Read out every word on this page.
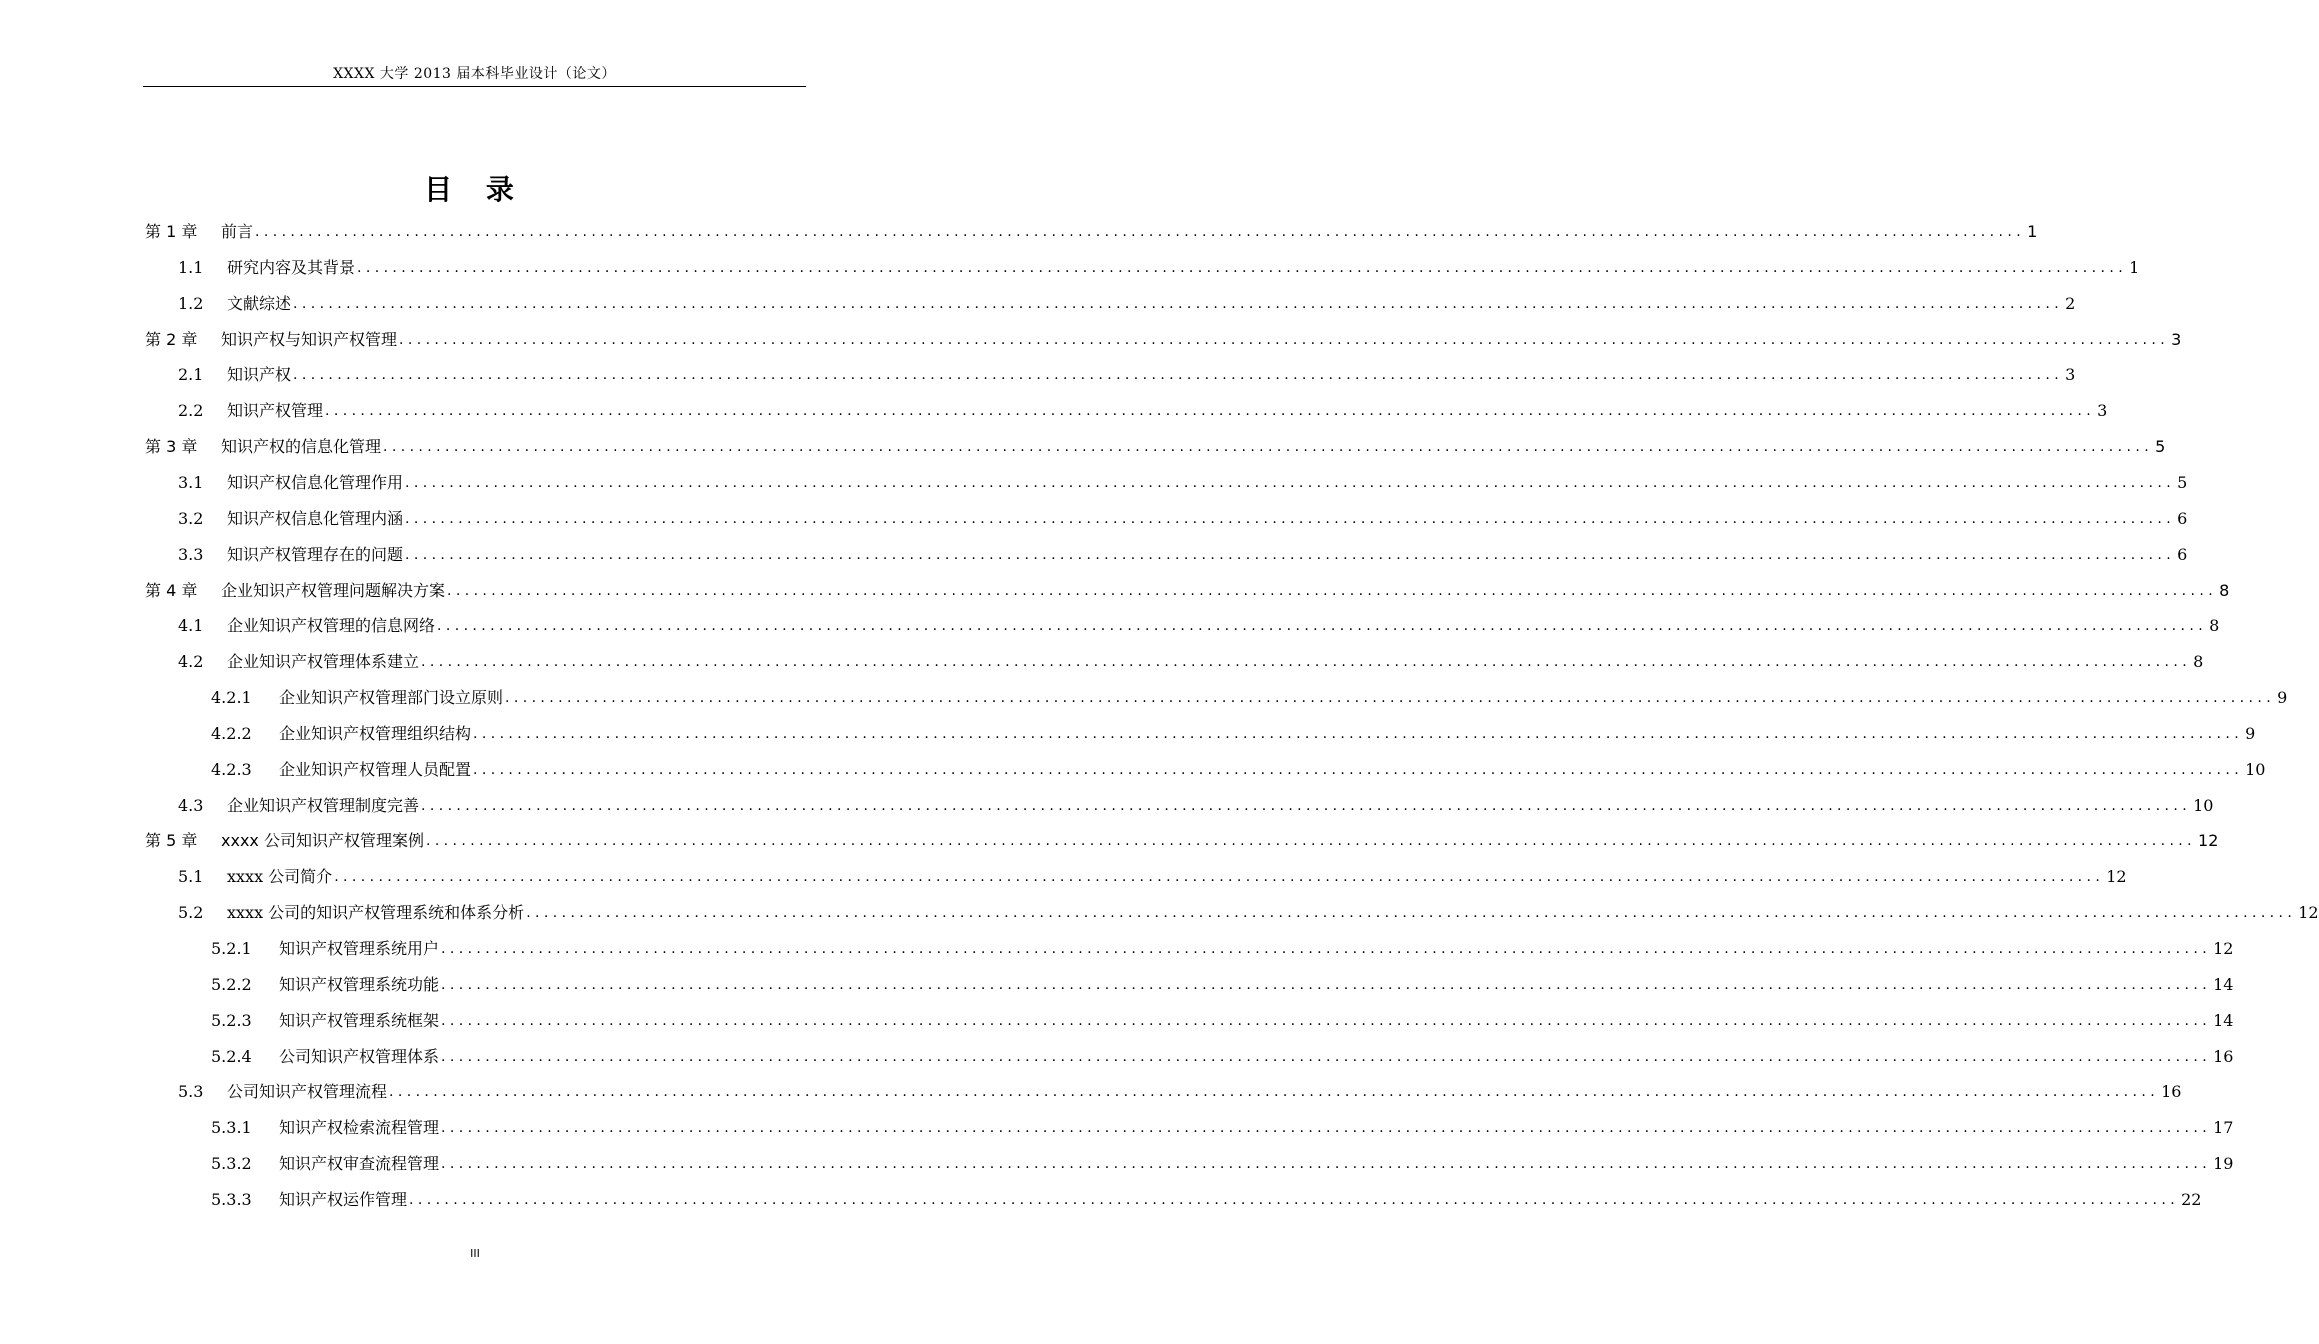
XXXX 大学 2013 届本科毕业设计（论文）
目 录
第 1 章	前言 ........................................................................................................................................................................................................ 1
1.1	研究内容及其背景 ........................................................................................................................................................................................................ 1
1.2	文献综述 ........................................................................................................................................................................................................ 2
第 2 章	知识产权与知识产权管理 ........................................................................................................................................................................................................ 3
2.1	知识产权 ........................................................................................................................................................................................................ 3
2.2	知识产权管理 ........................................................................................................................................................................................................ 3
第 3 章	知识产权的信息化管理 ........................................................................................................................................................................................................ 5
3.1	知识产权信息化管理作用 ........................................................................................................................................................................................................ 5
3.2	知识产权信息化管理内涵 ........................................................................................................................................................................................................ 6
3.3	知识产权管理存在的问题 ........................................................................................................................................................................................................ 6
第 4 章	企业知识产权管理问题解决方案 ........................................................................................................................................................................................................ 8
4.1	企业知识产权管理的信息网络 ........................................................................................................................................................................................................ 8
4.2	企业知识产权管理体系建立 ........................................................................................................................................................................................................ 8
4.2.1	企业知识产权管理部门设立原则 ........................................................................................................................................................................................................ 9
4.2.2	企业知识产权管理组织结构 ........................................................................................................................................................................................................ 9
4.2.3	企业知识产权管理人员配置 ........................................................................................................................................................................................................ 10
4.3	企业知识产权管理制度完善 ........................................................................................................................................................................................................ 10
第 5 章	xxxx 公司知识产权管理案例 ........................................................................................................................................................................................................ 12
5.1	xxxx 公司简介 ........................................................................................................................................................................................................ 12
5.2	xxxx 公司的知识产权管理系统和体系分析 ........................................................................................................................................................................................................ 12
5.2.1	知识产权管理系统用户 ........................................................................................................................................................................................................ 12
5.2.2	知识产权管理系统功能 ........................................................................................................................................................................................................ 14
5.2.3	知识产权管理系统框架 ........................................................................................................................................................................................................ 14
5.2.4	公司知识产权管理体系 ........................................................................................................................................................................................................ 16
5.3	公司知识产权管理流程 ........................................................................................................................................................................................................ 16
5.3.1	知识产权检索流程管理 ........................................................................................................................................................................................................ 17
5.3.2	知识产权审查流程管理 ........................................................................................................................................................................................................ 19
5.3.3	知识产权运作管理 ........................................................................................................................................................................................................ 22
III
